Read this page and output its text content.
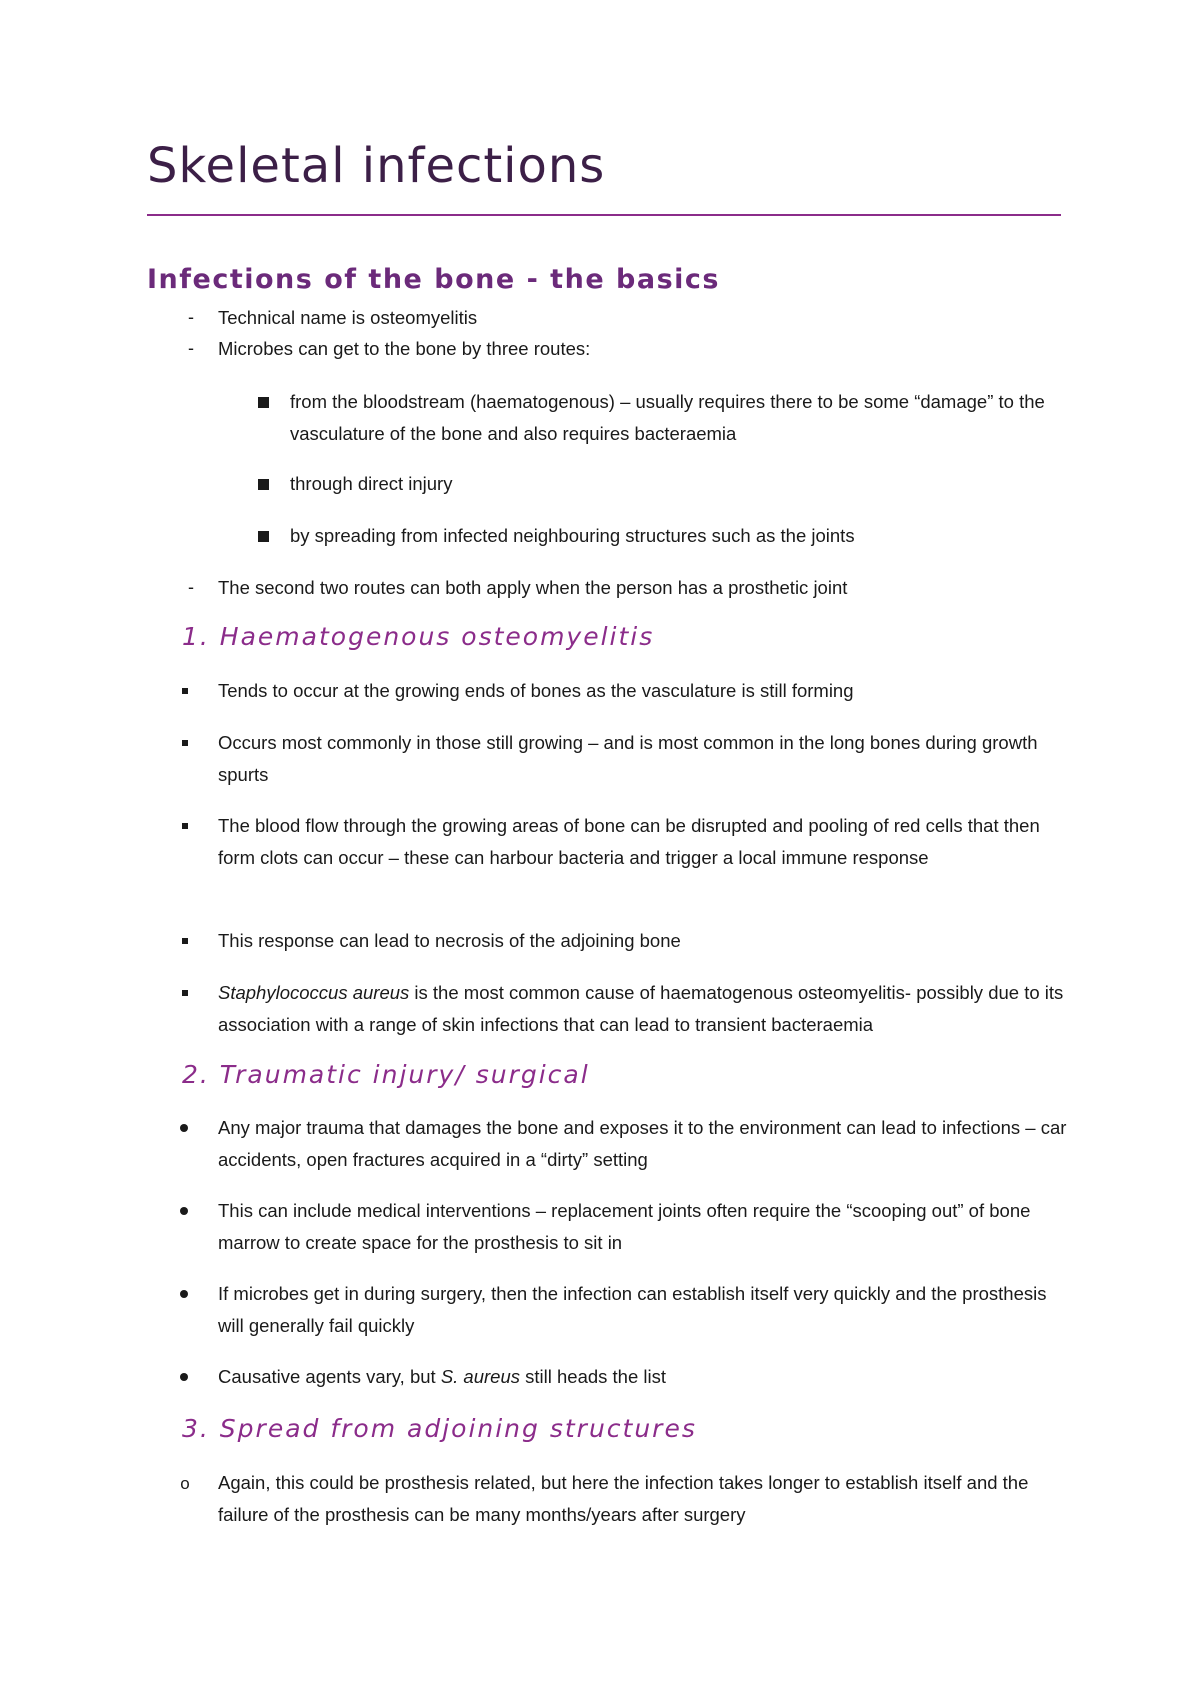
Skeletal infections
Infections of the bone - the basics
- Technical name is osteomyelitis
- Microbes can get to the bone by three routes:
from the bloodstream (haematogenous) – usually requires there to be some “damage” to the vasculature of the bone and also requires bacteraemia
through direct injury
by spreading from infected neighbouring structures such as the joints
- The second two routes can both apply when the person has a prosthetic joint
1. Haematogenous osteomyelitis
Tends to occur at the growing ends of bones as the vasculature is still forming
Occurs most commonly in those still growing – and is most common in the long bones during growth spurts
The blood flow through the growing areas of bone can be disrupted and pooling of red cells that then form clots can occur – these can harbour bacteria and trigger a local immune response
This response can lead to necrosis of the adjoining bone
Staphylococcus aureus is the most common cause of haematogenous osteomyelitis- possibly due to its association with a range of skin infections that can lead to transient bacteraemia
2. Traumatic injury/ surgical
Any major trauma that damages the bone and exposes it to the environment can lead to infections – car accidents, open fractures acquired in a “dirty” setting
This can include medical interventions – replacement joints often require the “scooping out” of bone marrow to create space for the prosthesis to sit in
If microbes get in during surgery, then the infection can establish itself very quickly and the prosthesis will generally fail quickly
Causative agents vary, but S. aureus still heads the list
3. Spread from adjoining structures
o Again, this could be prosthesis related, but here the infection takes longer to establish itself and the failure of the prosthesis can be many months/years after surgery
